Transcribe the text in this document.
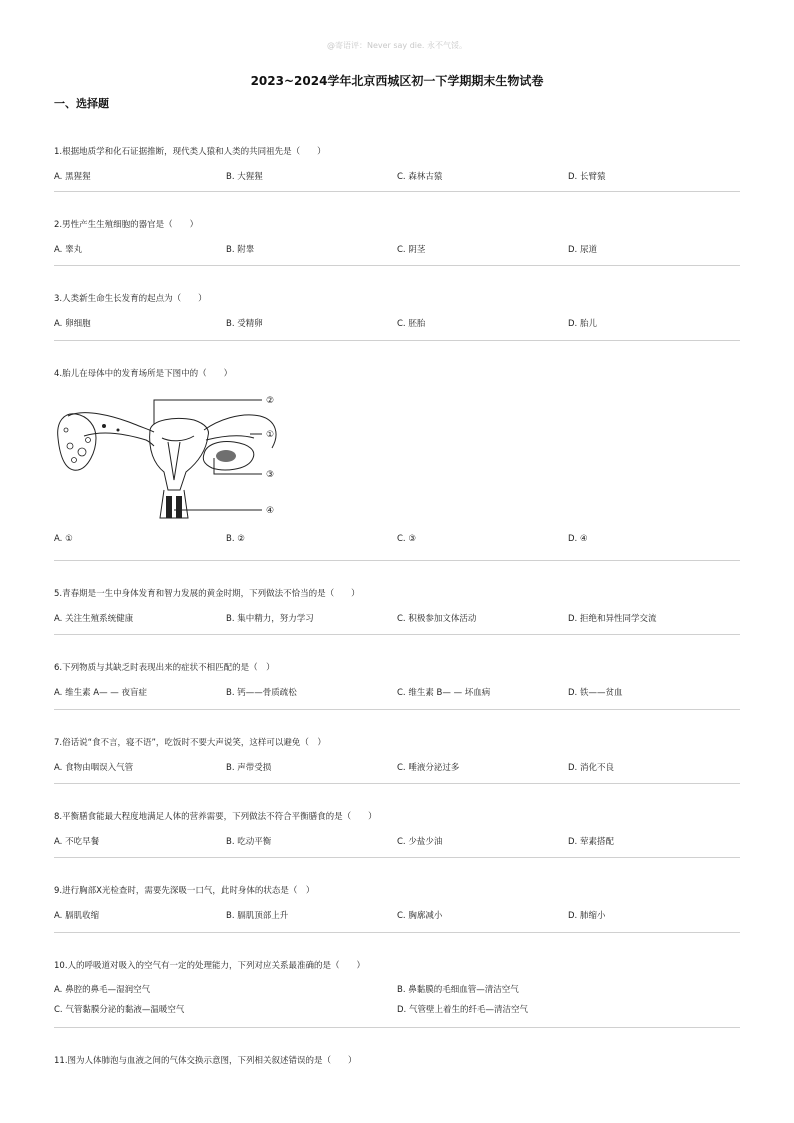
@寄语评：Never say die. 永不气馁。
2023~2024学年北京西城区初一下学期期末生物试卷
一、选择题
1.根据地质学和化石证据推断，现代类人猿和人类的共同祖先是（　　）
A. 黑猩猩	B. 大猩猩	C. 森林古猿	D. 长臂猿
2.男性产生生殖细胞的器官是（　　）
A. 睾丸	B. 附睾	C. 阴茎	D. 尿道
3.人类新生命生长发育的起点为（　　）
A. 卵细胞	B. 受精卵	C. 胚胎	D. 胎儿
4.胎儿在母体中的发育场所是下图中的（　　）
②
①
③
④
A. ①	B. ②	C. ③	D. ④
5.青春期是一生中身体发育和智力发展的黄金时期，下列做法不恰当的是（　　）
A. 关注生殖系统健康	B. 集中精力，努力学习	C. 积极参加文体活动	D. 拒绝和异性同学交流
6.下列物质与其缺乏时表现出来的症状不相匹配的是（　）
A. 维生素 A— — 夜盲症	B. 钙——骨质疏松	C. 维生素 B— — 坏血病	D. 铁——贫血
7.俗话说“食不言，寝不语”，吃饭时不要大声说笑，这样可以避免（　）
A. 食物由咽误入气管	B. 声带受损	C. 唾液分泌过多	D. 消化不良
8.平衡膳食能最大程度地满足人体的营养需要，下列做法不符合平衡膳食的是（　　）
A. 不吃早餐	B. 吃动平衡	C. 少盐少油	D. 荤素搭配
9.进行胸部X光检查时，需要先深吸一口气，此时身体的状态是（　）
A. 膈肌收缩	B. 膈肌顶部上升	C. 胸廓减小	D. 肺缩小
10.人的呼吸道对吸入的空气有一定的处理能力，下列对应关系最准确的是（　　）
A. 鼻腔的鼻毛—湿润空气	B. 鼻黏膜的毛细血管—清洁空气
C. 气管黏膜分泌的黏液—温暖空气	D. 气管壁上着生的纤毛—清洁空气
11.图为人体肺泡与血液之间的气体交换示意图，下列相关叙述错误的是（　　）
